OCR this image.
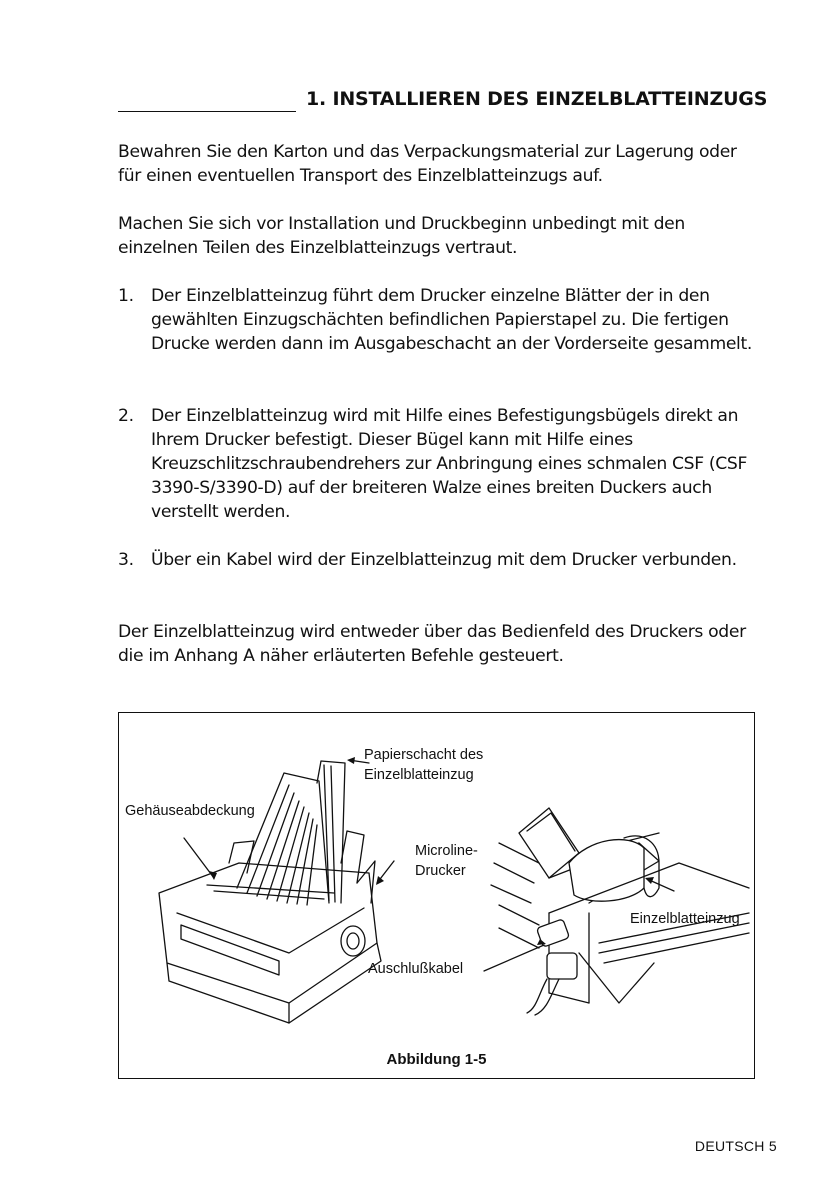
1. INSTALLIEREN DES EINZELBLATTEINZUGS

Bewahren Sie den Karton und das Verpackungsmaterial zur Lagerung oder für einen eventuellen Transport des Einzelblatteinzugs auf.

Machen Sie sich vor Installation und Druckbeginn unbedingt mit den einzelnen Teilen des Einzelblatteinzugs vertraut.

1. Der Einzelblatteinzug führt dem Drucker einzelne Blätter der in den gewählten Einzugschächten befindlichen Papierstapel zu. Die fertigen Drucke werden dann im Ausgabeschacht an der Vorderseite gesammelt.
2. Der Einzelblatteinzug wird mit Hilfe eines Befestigungsbügels direkt an Ihrem Drucker befestigt. Dieser Bügel kann mit Hilfe eines Kreuzschlitzschraubendrehers zur Anbringung eines schmalen CSF (CSF 3390-S/3390-D) auf der breiteren Walze eines breiten Duckers auch verstellt werden.
3. Über ein Kabel wird der Einzelblatteinzug mit dem Drucker verbunden.

Der Einzelblatteinzug wird entweder über das Bedienfeld des Druckers oder die im Anhang A näher erläuterten Befehle gesteuert.

Papierschacht des
Einzelblatteinzug
Gehäuseabdeckung
Microline-
Drucker
Einzelblatteinzug
Auschlußkabel
Abbildung 1-5
DEUTSCH 5
